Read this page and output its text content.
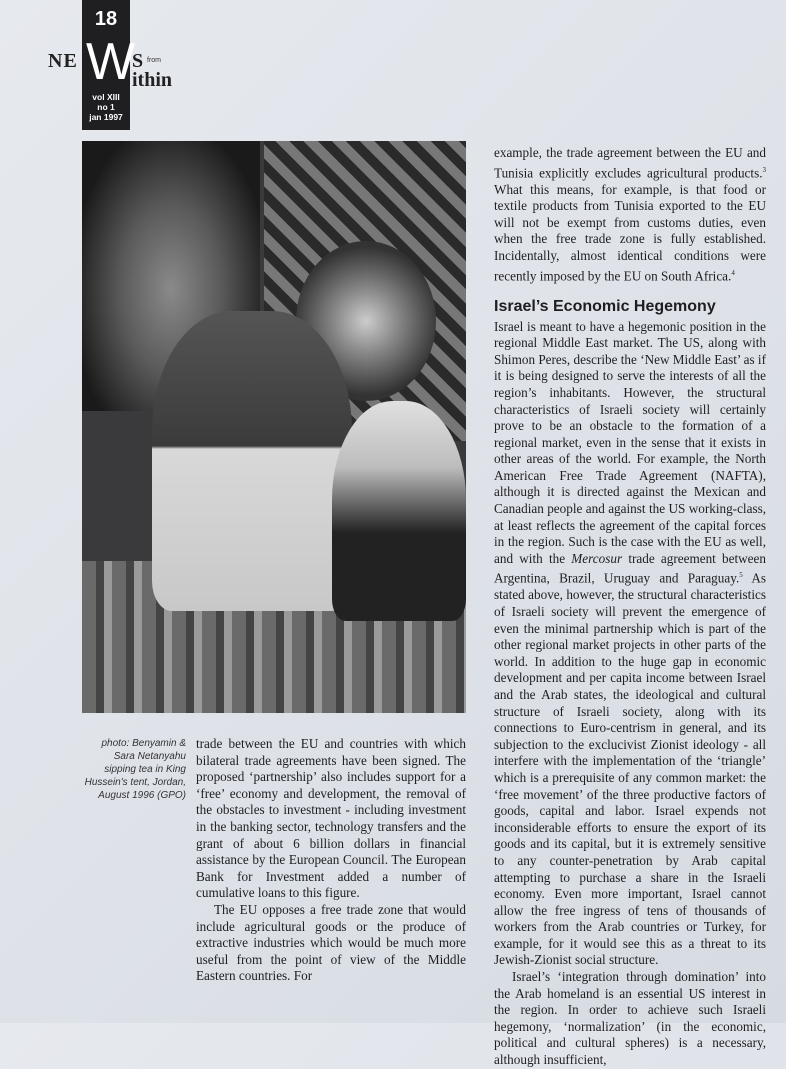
18
NE W
S from
ithin
vol XIII
no 1
jan 1997
photo: Benyamin & Sara Netanyahu sipping tea in King Hussein's tent, Jordan, August 1996 (GPO)

trade between the EU and countries with which bilateral trade agreements have been signed. The proposed ‘partnership’ also includes support for a ‘free’ economy and development, the removal of the obstacles to investment - including investment in the banking sector, technology transfers and the grant of about 6 billion dollars in financial assistance by the European Council. The European Bank for Investment added a number of cumulative loans to this figure.

The EU opposes a free trade zone that would include agricultural goods or the produce of extractive industries which would be much more useful from the point of view of the Middle Eastern countries. For

example, the trade agreement between the EU and Tunisia explicitly excludes agricultural products.$^3$ What this means, for example, is that food or textile products from Tunisia exported to the EU will not be exempt from customs duties, even when the free trade zone is fully established. Incidentally, almost identical conditions were recently imposed by the EU on South Africa.$^4$

Israel’s Economic Hegemony

Israel is meant to have a hegemonic position in the regional Middle East market. The US, along with Shimon Peres, describe the ‘New Middle East’ as if it is being designed to serve the interests of all the region’s inhabitants. However, the structural characteristics of Israeli society will certainly prove to be an obstacle to the formation of a regional market, even in the sense that it exists in other areas of the world. For example, the North American Free Trade Agreement (NAFTA), although it is directed against the Mexican and Canadian people and against the US working-class, at least reflects the agreement of the capital forces in the region. Such is the case with the EU as well, and with the Mercosur trade agreement between Argentina, Brazil, Uruguay and Paraguay.$^5$ As stated above, however, the structural characteristics of Israeli society will prevent the emergence of even the minimal partnership which is part of the other regional market projects in other parts of the world. In addition to the huge gap in economic development and per capita income between Israel and the Arab states, the ideological and cultural structure of Israeli society, along with its connections to Euro-centrism in general, and its subjection to the exclucivist Zionist ideology - all interfere with the implementation of the ‘triangle’ which is a prerequisite of any common market: the ‘free movement’ of the three productive factors of goods, capital and labor. Israel expends not inconsiderable efforts to ensure the export of its goods and its capital, but it is extremely sensitive to any counter-penetration by Arab capital attempting to purchase a share in the Israeli economy. Even more important, Israel cannot allow the free ingress of tens of thousands of workers from the Arab countries or Turkey, for example, for it would see this as a threat to its Jewish-Zionist social structure.

Israel’s ‘integration through domination’ into the Arab homeland is an essential US interest in the region. In order to achieve such Israeli hegemony, ‘normalization’ (in the economic, political and cultural spheres) is a necessary, although insufficient,
